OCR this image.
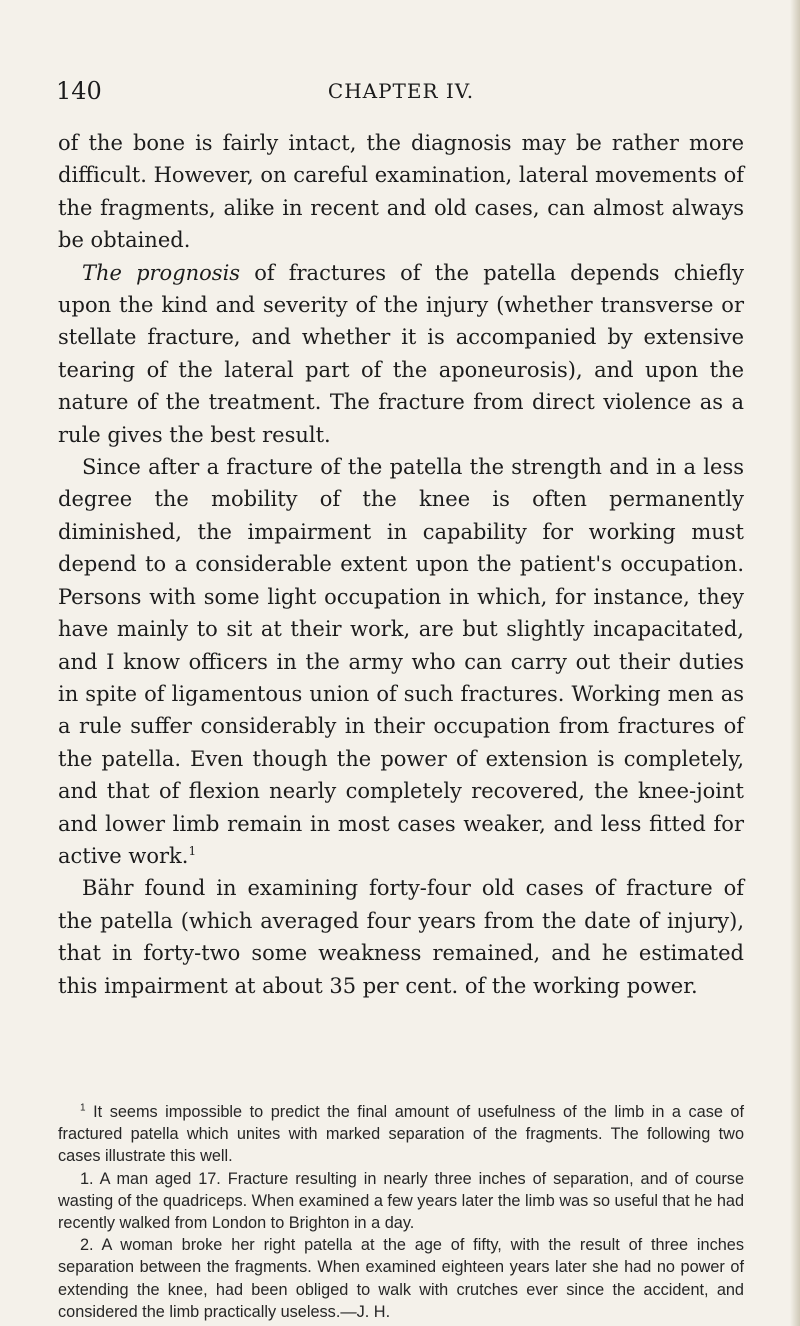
140	CHAPTER IV.

of the bone is fairly intact, the diagnosis may be rather more difficult. However, on careful examination, lateral movements of the fragments, alike in recent and old cases, can almost always be obtained.

The prognosis of fractures of the patella depends chiefly upon the kind and severity of the injury (whether transverse or stellate fracture, and whether it is accompanied by extensive tearing of the lateral part of the aponeurosis), and upon the nature of the treatment. The fracture from direct violence as a rule gives the best result.

Since after a fracture of the patella the strength and in a less degree the mobility of the knee is often permanently diminished, the impairment in capability for working must depend to a considerable extent upon the patient's occupation. Persons with some light occupation in which, for instance, they have mainly to sit at their work, are but slightly incapacitated, and I know officers in the army who can carry out their duties in spite of ligamentous union of such fractures. Working men as a rule suffer considerably in their occupation from fractures of the patella. Even though the power of extension is completely, and that of flexion nearly completely recovered, the knee-joint and lower limb remain in most cases weaker, and less fitted for active work.$^1$

Bähr found in examining forty-four old cases of fracture of the patella (which averaged four years from the date of injury), that in forty-two some weakness remained, and he estimated this impairment at about 35 per cent. of the working power.

$^1$ It seems impossible to predict the final amount of usefulness of the limb in a case of fractured patella which unites with marked separation of the fragments. The following two cases illustrate this well.

1. A man aged 17. Fracture resulting in nearly three inches of separation, and of course wasting of the quadriceps. When examined a few years later the limb was so useful that he had recently walked from London to Brighton in a day.

2. A woman broke her right patella at the age of fifty, with the result of three inches separation between the fragments. When examined eighteen years later she had no power of extending the knee, had been obliged to walk with crutches ever since the accident, and considered the limb practically useless.—J. H.
